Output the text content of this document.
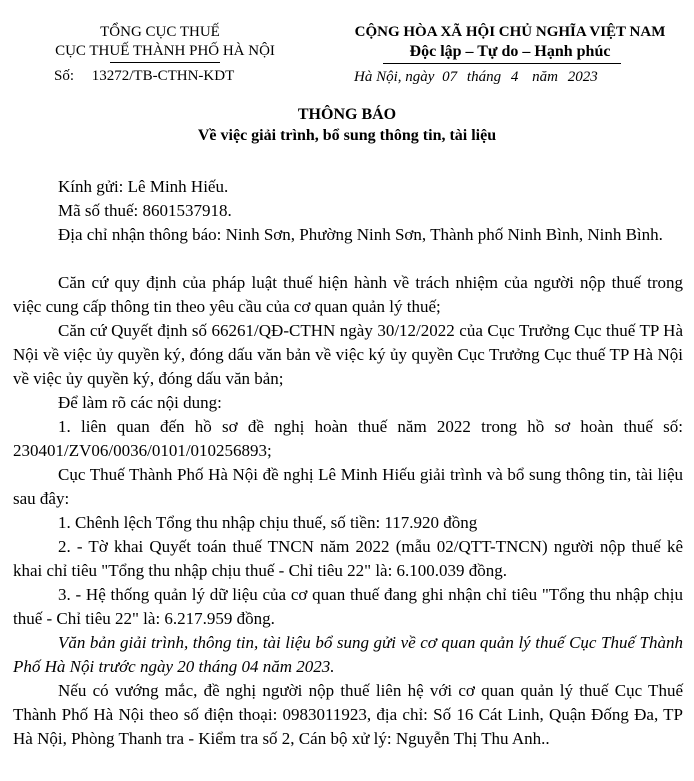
TỔNG CỤC THUẾ
CỤC THUẾ THÀNH PHỐ HÀ NỘI
Số: 13272/TB-CTHN-KDT
CỘNG HÒA XÃ HỘI CHỦ NGHĨA VIỆT NAM
Độc lập – Tự do – Hạnh phúc
Hà Nội, ngày 07 tháng 4 năm 2023
THÔNG BÁO
Về việc giải trình, bổ sung thông tin, tài liệu
Kính gửi: Lê Minh Hiếu.
Mã số thuế: 8601537918.
Địa chỉ nhận thông báo: Ninh Sơn, Phường Ninh Sơn, Thành phố Ninh Bình, Ninh Bình.
Căn cứ quy định của pháp luật thuế hiện hành về trách nhiệm của người nộp thuế trong việc cung cấp thông tin theo yêu cầu của cơ quan quản lý thuế;
Căn cứ Quyết định số 66261/QĐ-CTHN ngày 30/12/2022 của Cục Trưởng Cục thuế TP Hà Nội về việc ủy quyền ký, đóng dấu văn bản về việc ký ủy quyền Cục Trưởng Cục thuế TP Hà Nội về việc ủy quyền ký, đóng dấu văn bản;
Để làm rõ các nội dung:
1. liên quan đến hồ sơ đề nghị hoàn thuế năm 2022 trong hồ sơ hoàn thuế số: 230401/ZV06/0036/0101/010256893;
Cục Thuế Thành Phố Hà Nội đề nghị Lê Minh Hiếu giải trình và bổ sung thông tin, tài liệu sau đây:
1. Chênh lệch Tổng thu nhập chịu thuế, số tiền: 117.920 đồng
2. - Tờ khai Quyết toán thuế TNCN năm 2022 (mẫu 02/QTT-TNCN) người nộp thuế kê khai chỉ tiêu "Tổng thu nhập chịu thuế - Chỉ tiêu 22" là: 6.100.039 đồng.
3. - Hệ thống quản lý dữ liệu của cơ quan thuế đang ghi nhận chỉ tiêu "Tổng thu nhập chịu thuế - Chỉ tiêu 22" là: 6.217.959 đồng.
Văn bản giải trình, thông tin, tài liệu bổ sung gửi về cơ quan quản lý thuế Cục Thuế Thành Phố Hà Nội trước ngày 20 tháng 04 năm 2023.
Nếu có vướng mắc, đề nghị người nộp thuế liên hệ với cơ quan quản lý thuế Cục Thuế Thành Phố Hà Nội theo số điện thoại: 0983011923, địa chỉ: Số 16 Cát Linh, Quận Đống Đa, TP Hà Nội, Phòng Thanh tra - Kiểm tra số 2, Cán bộ xử lý: Nguyễn Thị Thu Anh..
